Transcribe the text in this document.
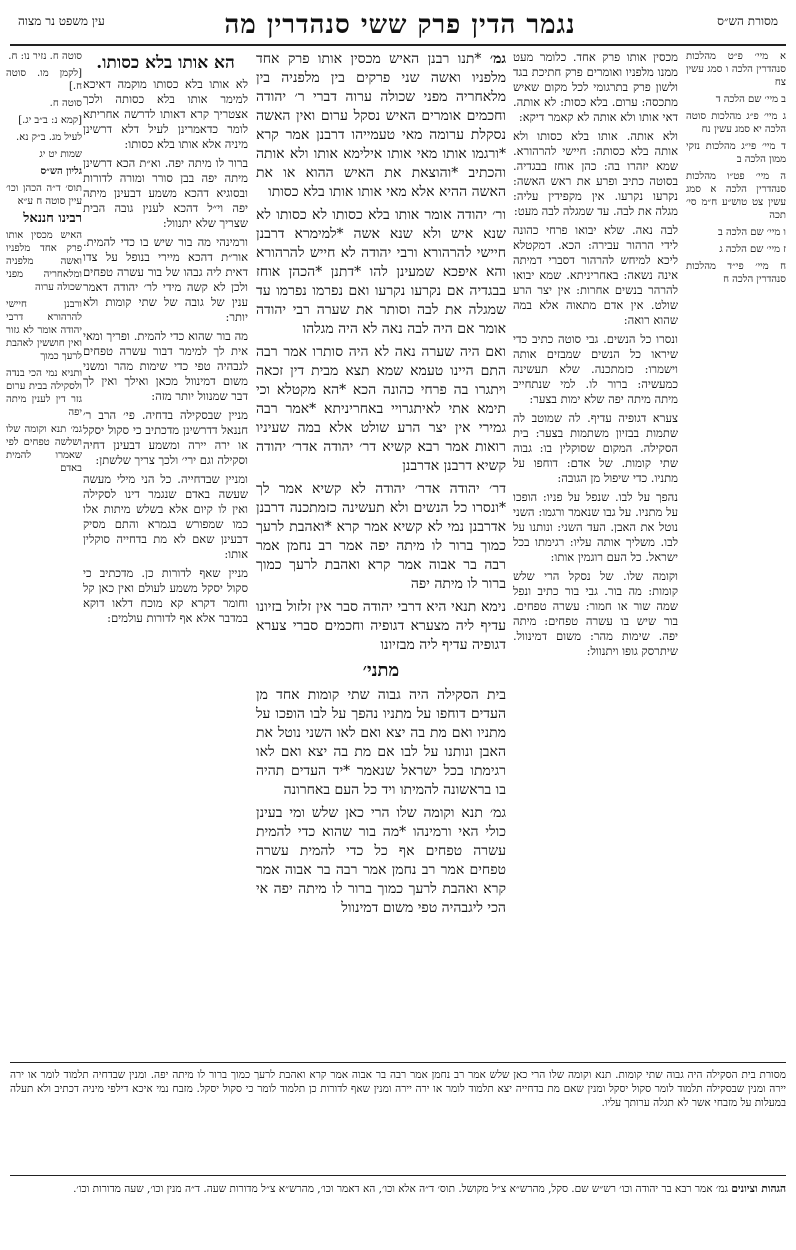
נגמר הדין פרק ששי סנהדרין מה	מסורת הש״ס
עין משפט נר מצוה

א מיי׳ פ״ט מהלכות סנהדרין הלכה ו סמג עשין צח

ב מיי׳ שם הלכה ד

ג מיי׳ פ״ג מהלכות סוטה הלכה יא סמג עשין נח

ד מיי׳ פי״ג מהלכות נזקי ממון הלכה ב

ה מיי׳ פט״ו מהלכות סנהדרין הלכה א סמג עשין צט טוש״ע ח״מ סי׳ תכה

ו מיי׳ שם הלכה ב

ז מיי׳ שם הלכה ג

ח מיי׳ פי״ד מהלכות סנהדרין הלכה ח

מכסין אותו פרק אחד. כלומר מעט ממנו מלפניו ואומרים פרק חתיכת בגד ולשון פרק בתרגומי לכל מקום שאיש מתכסה: ערום. בלא כסות: לא אותה. דאי אותו ולא אותה לא קאמר דיקא:

ולא אותה. אותו בלא כסותו ולא אותה בלא כסותה: חיישי להרהורא. שמא יזהרו בה: כהן אוחז בבגדיה. בסוטה כתיב ופרע את ראש האשה: נקרעו נקרעו. אין מקפידין עליה: מגלה את לבה. עד שמגלה לבה מעט:

לבה נאה. שלא יבואו פרחי כהונה לידי הרהור עבירה: הכא. דמקטלא ליכא למיחש להרהור דסברי דמיתה אינה נשאה: באחריניתא. שמא יבואו להרהר בנשים אחרות: אין יצר הרע שולט. אין אדם מתאוה אלא במה שהוא רואה:

ונסרו כל הנשים. גבי סוטה כתיב כדי שיראו כל הנשים שמבזים אותה וישמרו: כזמתכנה. שלא תעשינה כמעשיה: ברור לו. למי שנתחייב מיתה מיתה יפה שלא ימות בצער:

צערא דגופיה עדיף. לה שמוטב לה שתמות בבזיון משתמות בצער: בית הסקילה. המקום שסוקלין בו: גבוה שתי קומות. של אדם: דוחפו על מתניו. כדי שיפול מן הגובה:

נהפך על לבו. שנפל על פניו: הופכו על מתניו. על גבו שנאמר ורגמו: השני נוטל את האבן. העד השני: ונותנו על לבו. משליך אותה עליו: רגימתו בכל ישראל. כל העם רוגמין אותו:

וקומה שלו. של נסקל הרי שלש קומות: מה בור. גבי בור כתיב ונפל שמה שור או חמור: עשרה טפחים. בור שיש בו עשרה טפחים: מיתה יפה. שימות מהר: משום דמינוול. שיתרסק גופו ויתנוול:

גמ׳ *תנו רבנן האיש מכסין אותו פרק אחד מלפניו ואשה שני פרקים בין מלפניה בין מלאחריה מפני שכולה ערוה דברי ר׳ יהודה וחכמים אומרים האיש נסקל ערום ואין האשה נסקלת ערומה מאי טעמייהו דרבנן אמר קרא *ורגמו אותו מאי אותו אילימא אותו ולא אותה והכתיב *והוצאת את האיש ההוא או את האשה ההיא אלא מאי אותו אותו בלא כסותו

ור׳ יהודה אומר אותו בלא כסותו לא כסותו לא שנא איש ולא שנא אשה *למימרא דרבנן חיישי להרהורא ורבי יהודה לא חייש להרהורא והא איפכא שמעינן להו *דתנן *הכהן אוחז בבגדיה אם נקרעו נקרעו ואם נפרמו נפרמו עד שמגלה את לבה וסותר את שערה רבי יהודה אומר אם היה לבה נאה לא היה מגלהו

ואם היה שערה נאה לא היה סותרו אמר רבה התם היינו טעמא שמא תצא מבית דין זכאה ויתגרו בה פרחי כהונה הכא *הא מקטלא וכי תימא אתי לאיתגרויי באחריניתא *אמר רבה גמירי אין יצר הרע שולט אלא במה שעיניו רואות אמר רבא קשיא דר׳ יהודה אדר׳ יהודה קשיא דרבנן אדרבנן

דר׳ יהודה אדר׳ יהודה לא קשיא אמר לך *ונסרו כל הנשים ולא תעשינה כזמתכנה דרבנן אדרבנן נמי לא קשיא אמר קרא *ואהבת לרעך כמוך ברור לו מיתה יפה אמר רב נחמן אמר רבה בר אבוה אמר קרא ואהבת לרעך כמוך ברור לו מיתה יפה

נימא תנאי היא דרבי יהודה סבר אין זלזול בזיונו עדיף ליה מצערא דגופיה וחכמים סברי צערא דגופיה עדיף ליה מבזיונו

מתני׳

בית הסקילה היה גבוה שתי קומות אחד מן העדים דוחפו על מתניו נהפך על לבו הופכו על מתניו ואם מת בה יצא ואם לאו השני נוטל את האבן ונותנו על לבו אם מת בה יצא ואם לאו רגימתו בכל ישראל שנאמר *יד העדים תהיה בו בראשונה להמיתו ויד כל העם באחרונה

גמ׳ תנא וקומה שלו הרי כאן שלש ומי בעינן כולי האי ורמינהו *מה בור שהוא כדי להמית עשרה טפחים אף כל כדי להמית עשרה טפחים אמר רב נחמן אמר רבה בר אבוה אמר קרא ואהבת לרעך כמוך ברור לו מיתה יפה אי הכי ליגבהיה טפי משום דמינוול

הא אותו בלא כסותו.

לא אותו בלא כסותו מוקמה דאיכא למימר אותו בלא כסותה ולכך אצטריך קרא דאותו לדרשה אחריתא לומר כדאמרינן לעיל דלא דרשינן מיניה אלא אותו בלא כסותו:

ברור לו מיתה יפה. וא״ת הכא דרשינן מיתה יפה בבן סורר ומורה לדורות ובסוגיא דהכא משמע דבעינן מיתה יפה וי״ל דהכא לענין גובה הבית שצריך שלא יתנוול:

ורמינהי מה בור שיש בו כדי להמית. אור״ת דהכא מיירי בנופל על צדו דאית ליה גבהו של בור עשרה טפחים ולכן לא קשה מידי לר׳ יהודה דאמר ענין של גובה של שתי קומות ולא יותר:

מה בור שהוא כדי להמית. ופריך ומאי אית לך למימר דבור עשרה טפחים לגבהיה טפי כדי שימות מהר ומשני משום דמינוול מכאן ואילך ואין לך דבר שמנוול יותר מזה:

מניין שבסקילה בדחיה. פי׳ הרב ר׳ חננאל דדרשינן מדכתיב כי סקול יסקל או ירה יירה ומשמע דבעינן דחיה וסקילה וגם ירי׳ ולכך צריך שלשתן:

ומניין שבדחייה. כל הני מילי מעשה שעשה באדם שנגמר דינו לסקילה ואין לו קיום אלא בשלש מיתות אלו כמו שמפורש בגמרא והתם מסיק דבעינן שאם לא מת בדחייה סוקלין אותו:

מניין שאף לדורות כן. מדכתיב כי סקול יסקל משמע לעולם ואין כאן קל וחומר דקרא קא מוכח דלאו דוקא במדבר אלא אף לדורות עולמים:

סוטה ח. נזיר נו: ח.

[לקמן מו. סוטה ח.]

סוטה ח.

[קמא נ: ב״ב יג.]

לעיל מג. ב״ק נא.

שמות יט יג

גליון הש״ס

תוס׳ ד״ה הכהן וכו׳ עיין סוטה ח ע״א

רבינו חננאל

האיש מכסין אותו פרק אחד מלפניו ואשה מלפניה ומלאחריה מפני שכולה ערוה

ורבנן חיישי להרהורא דרבי יהודה אומר לא גזור ואין חוששין לאהבת לרעך כמוך

ותניא נמי הכי בנדה ולסקילה בבית ערום גזר דין לענין מיתה יפה

גמ׳ תנא וקומה שלו ושלשה טפחים לפי שאמרו להמית באדם

מסורת בית הסקילה היה גבוה שתי קומות. תנא וקומה שלו הרי כאן שלש אמר רב נחמן אמר רבה בר אבוה אמר קרא ואהבת לרעך כמוך ברור לו מיתה יפה. ומנין שבדחיה תלמוד לומר או ירה יירה ומנין שבסקילה תלמוד לומר סקול יסקל ומנין שאם מת בדחייה יצא תלמוד לומר או ירה יירה ומנין שאף לדורות כן תלמוד לומר כי סקול יסקל. מזבח נמי איכא דילפי מיניה דכתיב ולא תעלה במעלות על מזבחי אשר לא תגלה ערותך עליו.
הגהות וציונים גמ׳ אמר רבא בר יהודה וכו׳ רש״ש שם. סקל, מהרש״א צ״ל מקושל. תוס׳ ד״ה אלא וכו׳, הא דאמר וכו׳, מהרש״א צ״ל מדורות שעה. ד״ה מנין וכו׳, שעה מדורות וכו׳.
